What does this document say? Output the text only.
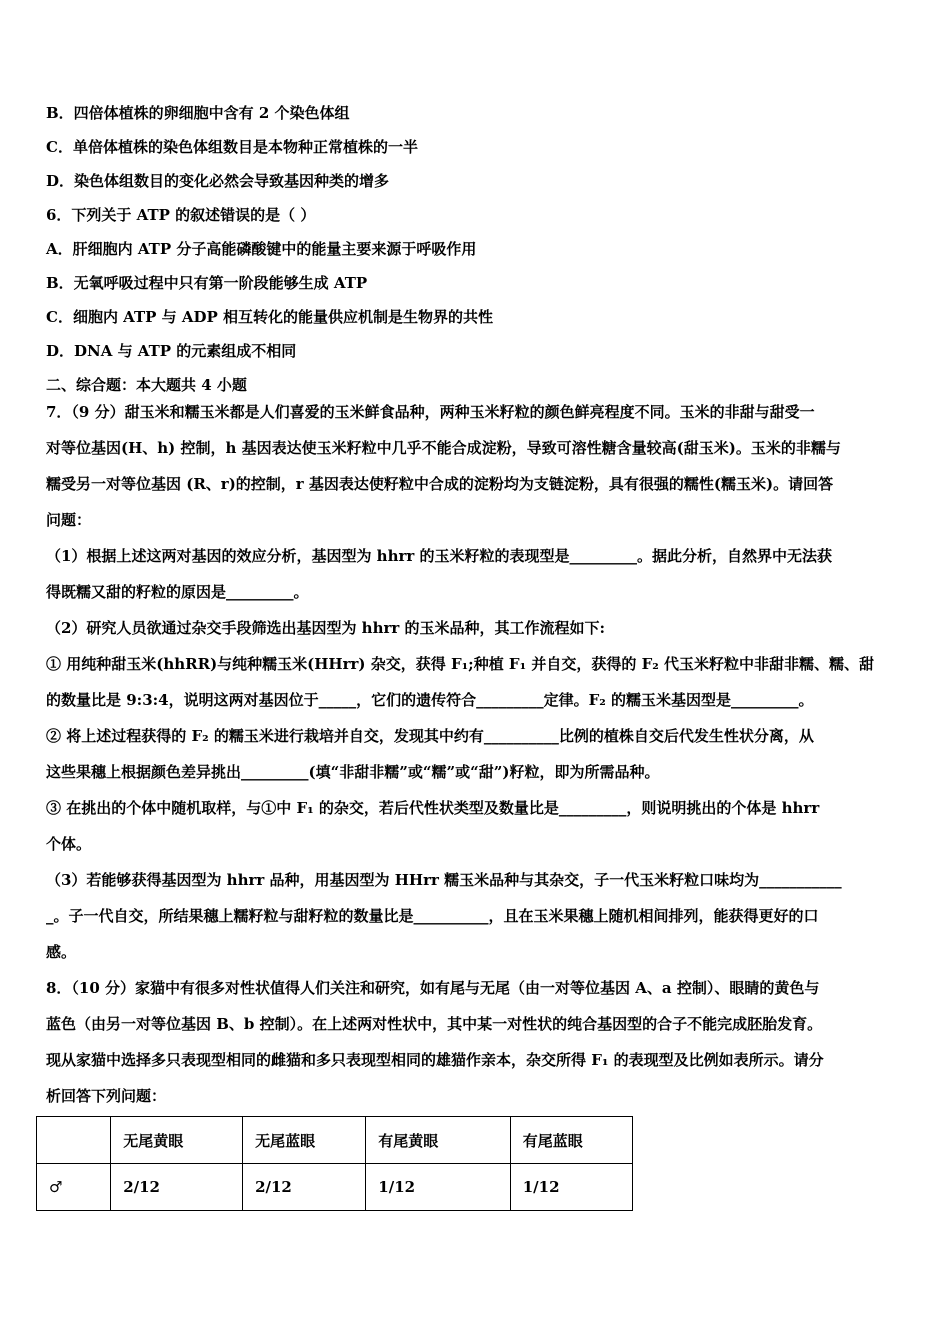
B．四倍体植株的卵细胞中含有 2 个染色体组
C．单倍体植株的染色体组数目是本物种正常植株的一半
D．染色体组数目的变化必然会导致基因种类的增多
6．下列关于 ATP 的叙述错误的是（ ）
A．肝细胞内 ATP 分子高能磷酸键中的能量主要来源于呼吸作用
B．无氧呼吸过程中只有第一阶段能够生成 ATP
C．细胞内 ATP 与 ADP 相互转化的能量供应机制是生物界的共性
D．DNA 与 ATP 的元素组成不相同
二、综合题：本大题共 4 小题
7．（9 分）甜玉米和糯玉米都是人们喜爱的玉米鲜食品种，两种玉米籽粒的颜色鲜亮程度不同。玉米的非甜与甜受一
对等位基因(H、h) 控制，h 基因表达使玉米籽粒中几乎不能合成淀粉，导致可溶性糖含量较高(甜玉米)。玉米的非糯与
糯受另一对等位基因 (R、r)的控制，r 基因表达使籽粒中合成的淀粉均为支链淀粉，具有很强的糯性(糯玉米)。请回答
问题：
（1）根据上述这两对基因的效应分析，基因型为 hhrr 的玉米籽粒的表现型是_________。据此分析，自然界中无法获
得既糯又甜的籽粒的原因是_________。
（2）研究人员欲通过杂交手段筛选出基因型为 hhrr 的玉米品种，其工作流程如下:
① 用纯种甜玉米(hhRR)与纯种糯玉米(HHrr) 杂交，获得 F₁;种植 F₁ 并自交，获得的 F₂ 代玉米籽粒中非甜非糯、糯、甜
的数量比是 9:3:4，说明这两对基因位于_____，它们的遗传符合_________定律。F₂ 的糯玉米基因型是_________。
② 将上述过程获得的 F₂ 的糯玉米进行栽培并自交，发现其中约有__________比例的植株自交后代发生性状分离，从
这些果穗上根据颜色差异挑出_________(填“非甜非糯”或“糯”或“甜”)籽粒，即为所需品种。
③ 在挑出的个体中随机取样，与①中 F₁ 的杂交，若后代性状类型及数量比是_________，则说明挑出的个体是 hhrr
个体。
（3）若能够获得基因型为 hhrr 品种，用基因型为 HHrr 糯玉米品种与其杂交，子一代玉米籽粒口味均为___________
_。子一代自交，所结果穗上糯籽粒与甜籽粒的数量比是__________，且在玉米果穗上随机相间排列，能获得更好的口
感。
8．（10 分）家猫中有很多对性状值得人们关注和研究，如有尾与无尾（由一对等位基因 A、a 控制）、眼睛的黄色与
蓝色（由另一对等位基因 B、b 控制）。在上述两对性状中，其中某一对性状的纯合基因型的合子不能完成胚胎发育。
现从家猫中选择多只表现型相同的雌猫和多只表现型相同的雄猫作亲本，杂交所得 F₁ 的表现型及比例如表所示。请分
析回答下列问题：
	无尾黄眼	无尾蓝眼	有尾黄眼	有尾蓝眼
♂	2/12	2/12	1/12	1/12
